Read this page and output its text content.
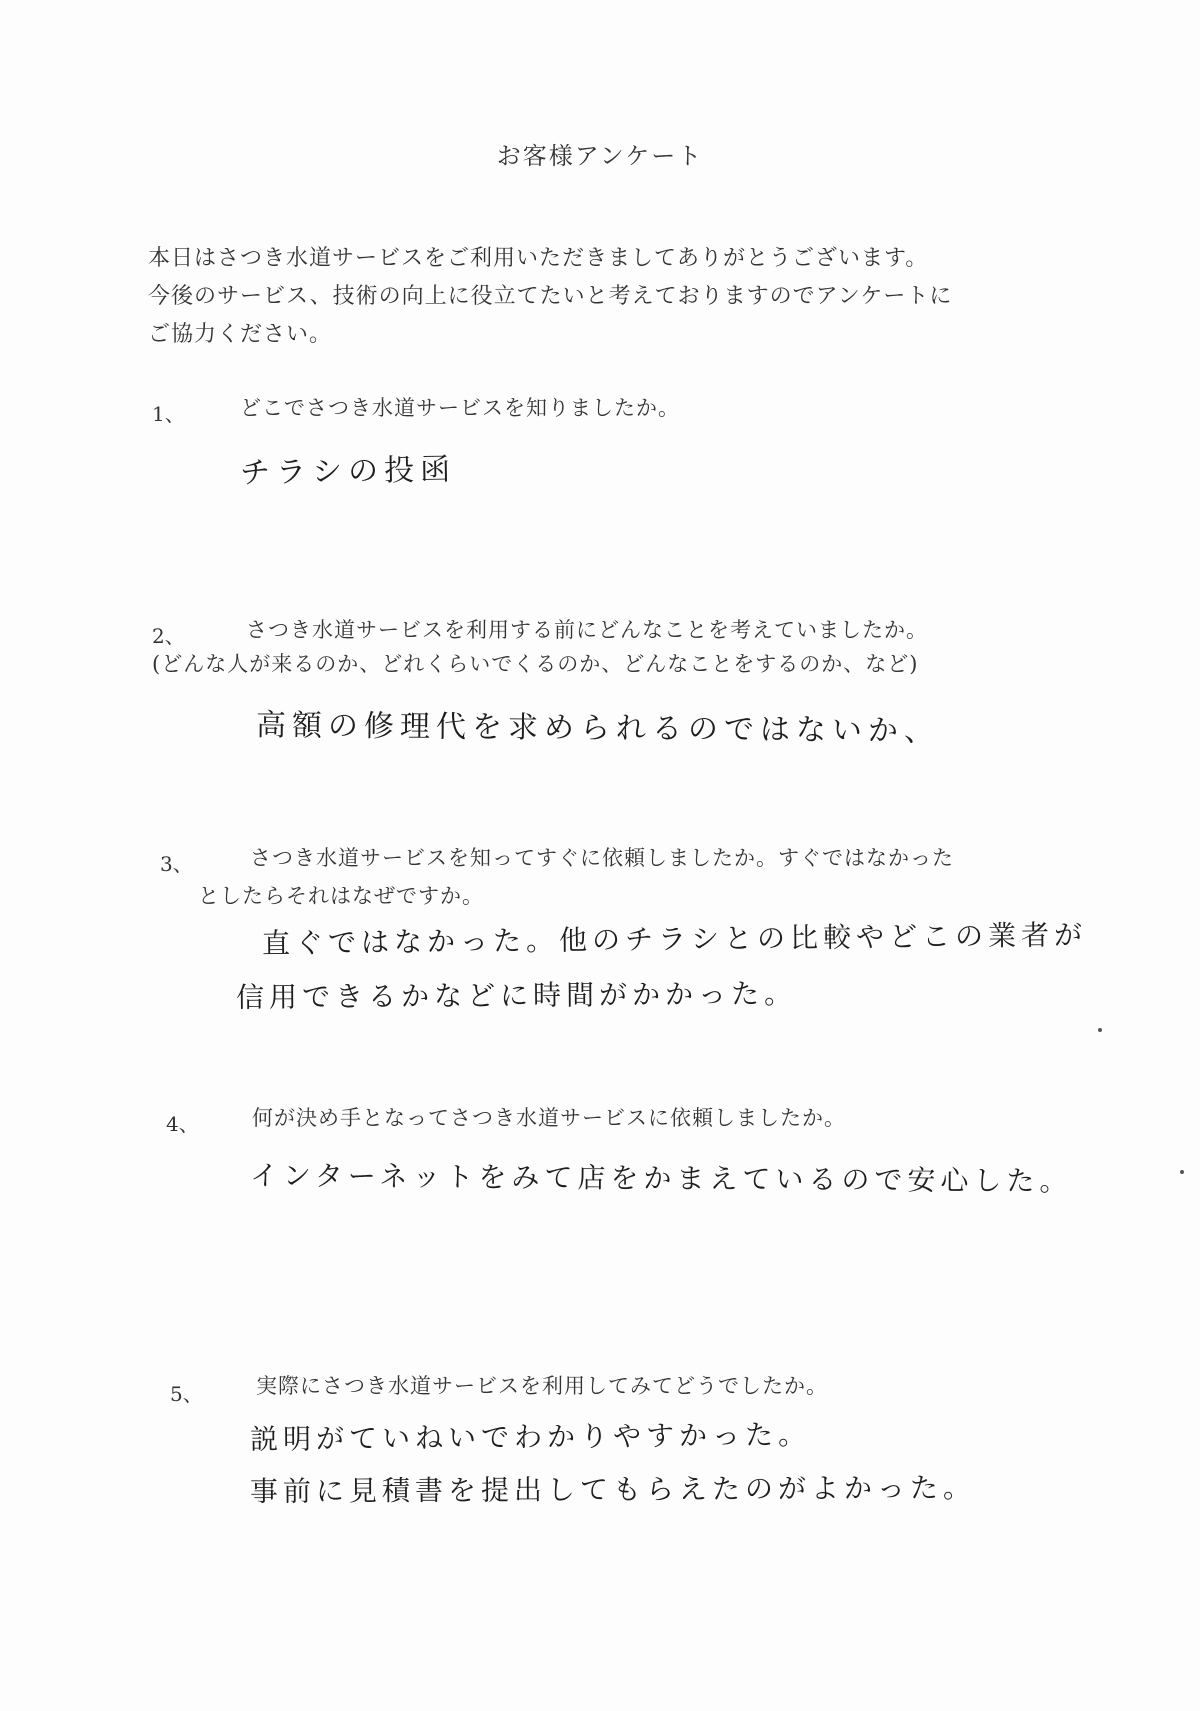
お客様アンケート

本日はさつき水道サービスをご利用いただきましてありがとうございます。

今後のサービス、技術の向上に役立てたいと考えておりますのでアンケートに

ご協力ください。

1、	どこでさつき水道サービスを知りましたか。
チラシの投函
2、	さつき水道サービスを利用する前にどんなことを考えていましたか。
(どんな人が来るのか、どれくらいでくるのか、どんなことをするのか、など)
高額の修理代を求められるのではないか、
3、	さつき水道サービスを知ってすぐに依頼しましたか。すぐではなかった
としたらそれはなぜですか。
直ぐではなかった。他のチラシとの比較やどこの業者が
信用できるかなどに時間がかかった。
4、	何が決め手となってさつき水道サービスに依頼しましたか。
インターネットをみて店をかまえているので安心した。
5、	実際にさつき水道サービスを利用してみてどうでしたか。
説明がていねいでわかりやすかった。
事前に見積書を提出してもらえたのがよかった。
